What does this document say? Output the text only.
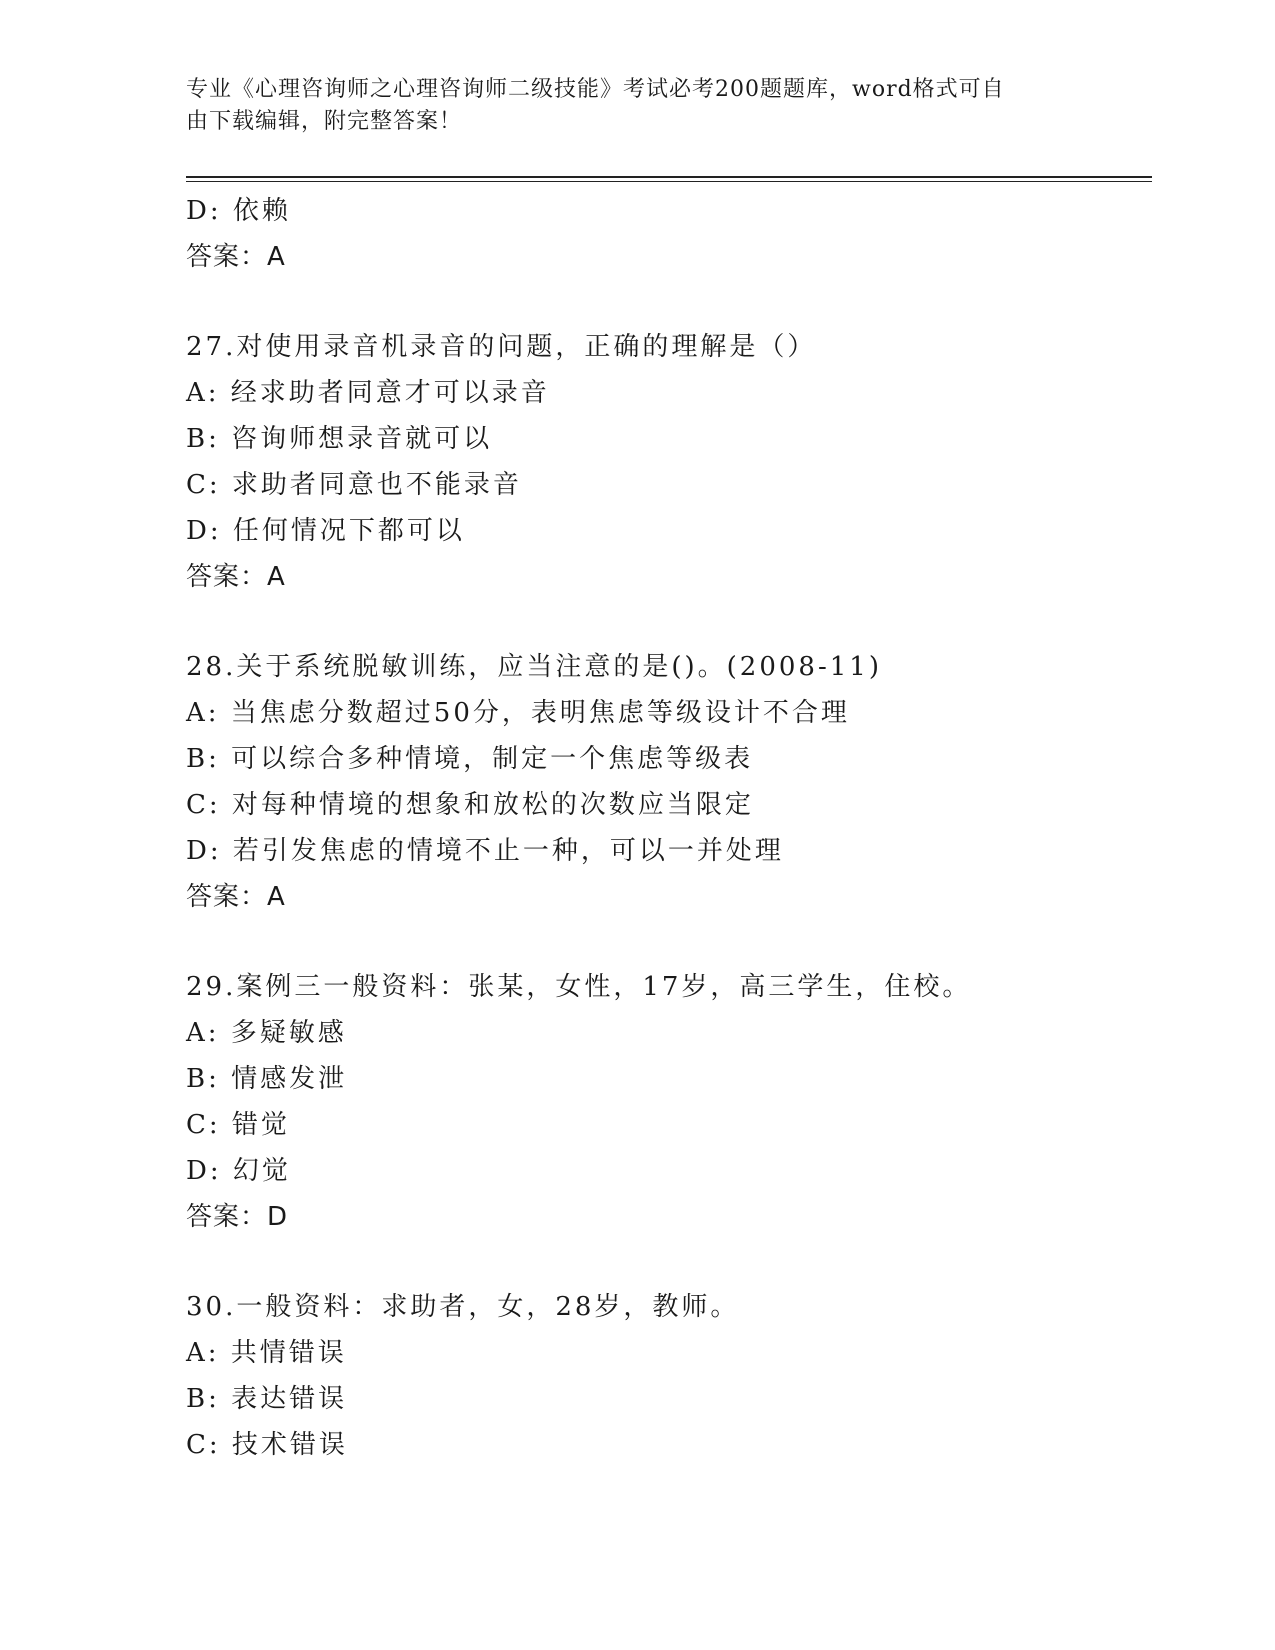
专业《心理咨询师之心理咨询师二级技能》考试必考200题题库，word格式可自
由下载编辑，附完整答案！
D: 依赖
答案：A
27.对使用录音机录音的问题，正确的理解是（）
A: 经求助者同意才可以录音
B: 咨询师想录音就可以
C: 求助者同意也不能录音
D: 任何情况下都可以
答案：A
28.关于系统脱敏训练，应当注意的是()。(2008-11)
A: 当焦虑分数超过50分，表明焦虑等级设计不合理
B: 可以综合多种情境，制定一个焦虑等级表
C: 对每种情境的想象和放松的次数应当限定
D: 若引发焦虑的情境不止一种，可以一并处理
答案：A
29.案例三一般资料：张某，女性，17岁，高三学生，住校。
A: 多疑敏感
B: 情感发泄
C: 错觉
D: 幻觉
答案：D
30.一般资料：求助者，女，28岁，教师。
A: 共情错误
B: 表达错误
C: 技术错误
